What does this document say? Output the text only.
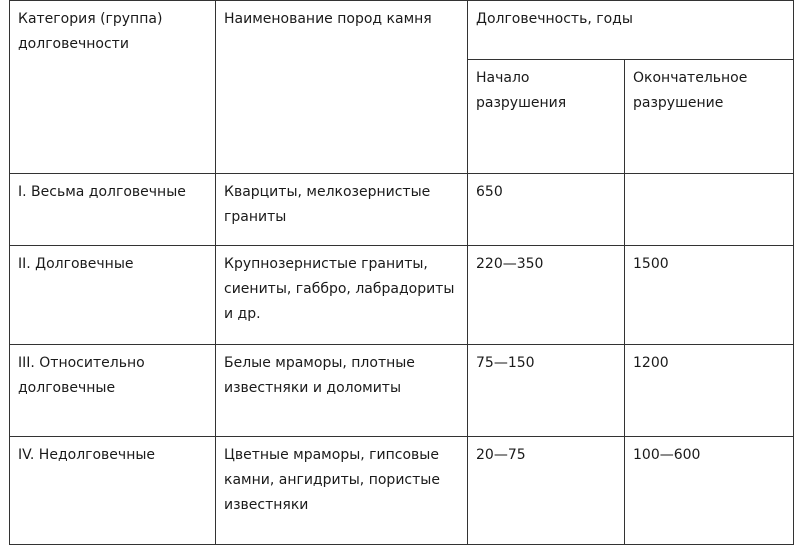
Категория (группа) долговечности	Наименование пород камня	Долговечность, годы	
		Начало разрушения	Окончательное разрушение
I. Весьма долговечные	Кварциты, мелкозернистые граниты	650	
II. Долговечные	Крупнозернистые граниты, сиениты, габбро, лабрадориты и др.	220—350	1500
III. Относительно долговечные	Белые мраморы, плотные известняки и доломиты	75—150	1200
IV. Недолговечные	Цветные мраморы, гипсовые камни, ангидриты, пористые известняки	20—75	100—600
